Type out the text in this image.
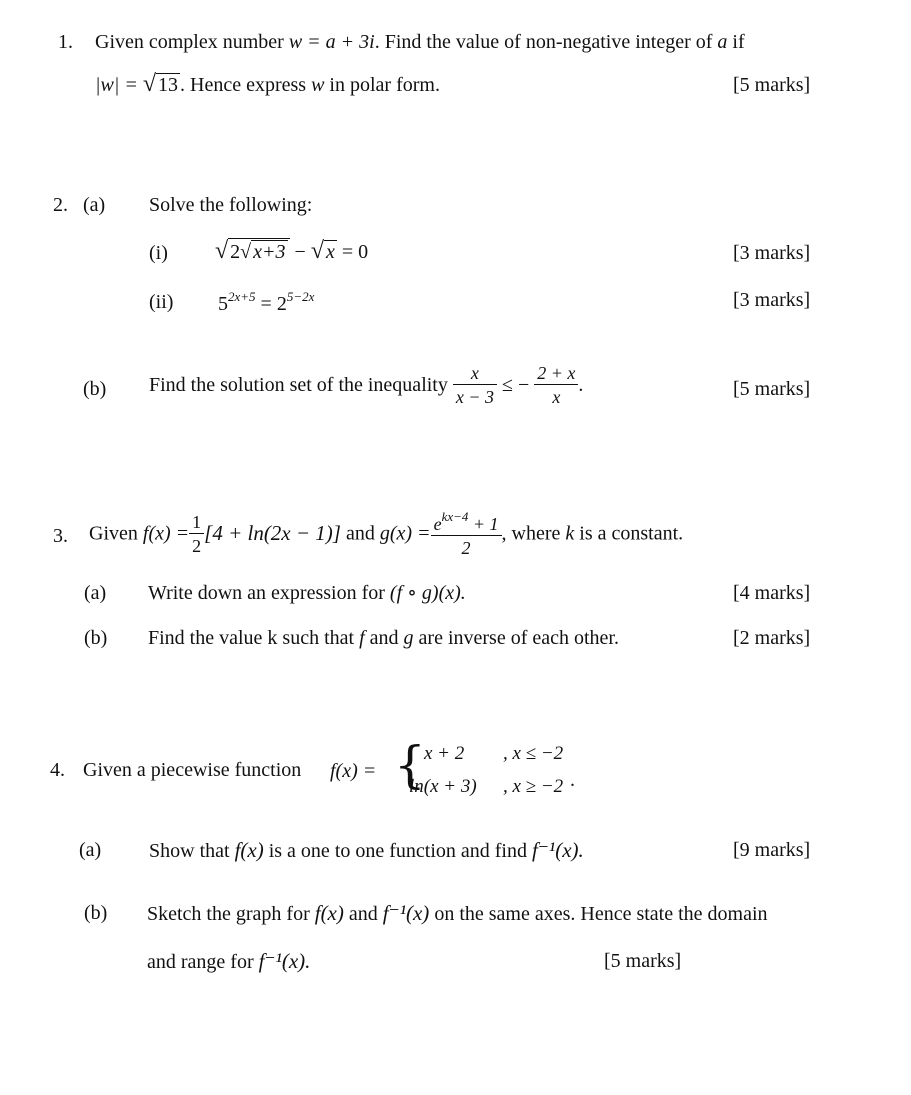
1. Given complex number w = a + 3i. Find the value of non-negative integer of a if
|w| = √ 13 . Hence express w in polar form.	[5 marks]
2. (a) Solve the following:
(i) √ 2√ x+3 − √ x = 0	[3 marks]
(ii) $5^{2x+5} = 2^{5-2x}$	[3 marks]
(b) Find the solution set of the inequality $\frac{x}{x - 3}$ ≤ − $\frac{2 + x}{x}$ .	[5 marks]
3. Given $f(x) = \frac{1}{2} [4 + \ln(2x - 1)]$ and $g(x) = \frac{e^{kx-4} + 1}{2}$ , where k is a constant.
(a) Write down an expression for (f ∘ g)(x).	[4 marks]
(b) Find the value k such that f and g are inverse of each other.	[2 marks]
4. Given a piecewise function f(x) = {
x + 2 , x ≤ −2
ln(x + 3) , x ≥ −2 .
(a) Show that f(x) is a one to one function and find f⁻¹(x).	[9 marks]
(b) Sketch the graph for f(x) and f⁻¹(x) on the same axes. Hence state the domain
and range for f⁻¹(x).	[5 marks]
